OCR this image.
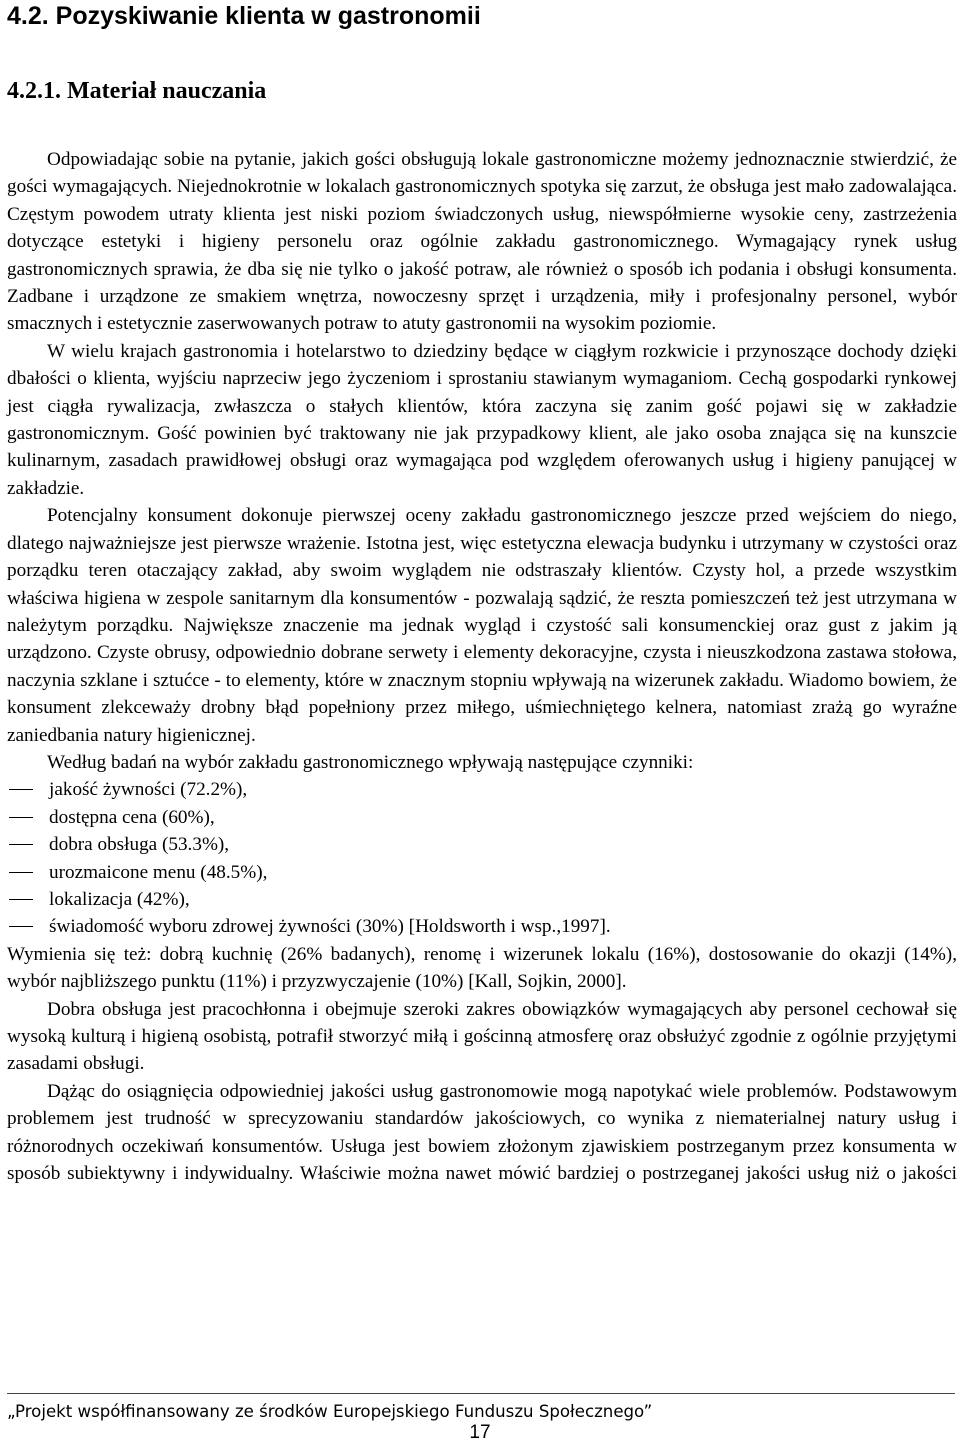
4.2. Pozyskiwanie klienta w gastronomii
4.2.1. Materiał nauczania

Odpowiadając sobie na pytanie, jakich gości obsługują lokale gastronomiczne możemy jednoznacznie stwierdzić, że gości wymagających. Niejednokrotnie w lokalach gastronomicznych spotyka się zarzut, że obsługa jest mało zadowalająca. Częstym powodem utraty klienta jest niski poziom świadczonych usług, niewspółmierne wysokie ceny, zastrzeżenia dotyczące estetyki i higieny personelu oraz ogólnie zakładu gastronomicznego. Wymagający rynek usług gastronomicznych sprawia, że dba się nie tylko o jakość potraw, ale również o sposób ich podania i obsługi konsumenta. Zadbane i urządzone ze smakiem wnętrza, nowoczesny sprzęt i urządzenia, miły i profesjonalny personel, wybór smacznych i estetycznie zaserwowanych potraw to atuty gastronomii na wysokim poziomie.

W wielu krajach gastronomia i hotelarstwo to dziedziny będące w ciągłym rozkwicie i przynoszące dochody dzięki dbałości o klienta, wyjściu naprzeciw jego życzeniom i sprostaniu stawianym wymaganiom. Cechą gospodarki rynkowej jest ciągła rywalizacja, zwłaszcza o stałych klientów, która zaczyna się zanim gość pojawi się w zakładzie gastronomicznym. Gość powinien być traktowany nie jak przypadkowy klient, ale jako osoba znająca się na kunszcie kulinarnym, zasadach prawidłowej obsługi oraz wymagająca pod względem oferowanych usług i higieny panującej w zakładzie.

Potencjalny konsument dokonuje pierwszej oceny zakładu gastronomicznego jeszcze przed wejściem do niego, dlatego najważniejsze jest pierwsze wrażenie. Istotna jest, więc estetyczna elewacja budynku i utrzymany w czystości oraz porządku teren otaczający zakład, aby swoim wyglądem nie odstraszały klientów. Czysty hol, a przede wszystkim właściwa higiena w zespole sanitarnym dla konsumentów - pozwalają sądzić, że reszta pomieszczeń też jest utrzymana w należytym porządku. Największe znaczenie ma jednak wygląd i czystość sali konsumenckiej oraz gust z jakim ją urządzono. Czyste obrusy, odpowiednio dobrane serwety i elementy dekoracyjne, czysta i nieuszkodzona zastawa stołowa, naczynia szklane i sztućce - to elementy, które w znacznym stopniu wpływają na wizerunek zakładu. Wiadomo bowiem, że konsument zlekceważy drobny błąd popełniony przez miłego, uśmiechniętego kelnera, natomiast zrażą go wyraźne zaniedbania natury higienicznej.

Według badań na wybór zakładu gastronomicznego wpływają następujące czynniki:

jakość żywności (72.2%),
dostępna cena (60%),
dobra obsługa (53.3%),
urozmaicone menu (48.5%),
lokalizacja (42%),
świadomość wyboru zdrowej żywności (30%) [Holdsworth i wsp.,1997].

Wymienia się też: dobrą kuchnię (26% badanych), renomę i wizerunek lokalu (16%), dostosowanie do okazji (14%), wybór najbliższego punktu (11%) i przyzwyczajenie (10%) [Kall, Sojkin, 2000].

Dobra obsługa jest pracochłonna i obejmuje szeroki zakres obowiązków wymagających aby personel cechował się wysoką kulturą i higieną osobistą, potrafił stworzyć miłą i gościnną atmosferę oraz obsłużyć zgodnie z ogólnie przyjętymi zasadami obsługi.

Dążąc do osiągnięcia odpowiedniej jakości usług gastronomowie mogą napotykać wiele problemów. Podstawowym problemem jest trudność w sprecyzowaniu standardów jakościowych, co wynika z niematerialnej natury usług i różnorodnych oczekiwań konsumentów. Usługa jest bowiem złożonym zjawiskiem postrzeganym przez konsumenta w sposób subiektywny i indywidualny. Właściwie można nawet mówić bardziej o postrzeganej jakości usług niż o jakości

„Projekt współfinansowany ze środków Europejskiego Funduszu Społecznego”
17
